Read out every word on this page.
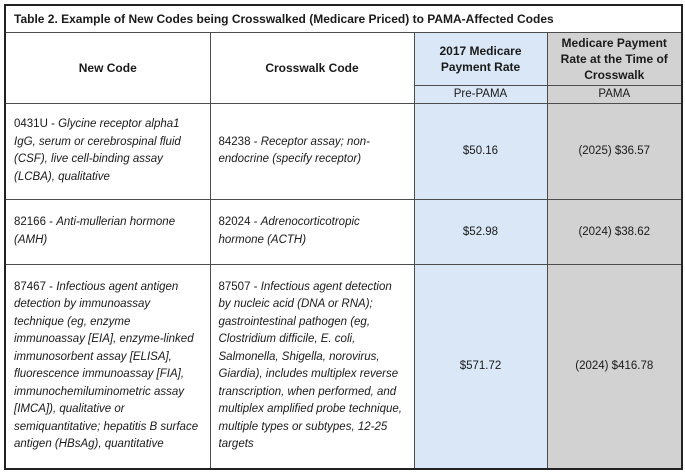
Table 2. Example of New Codes being Crosswalked (Medicare Priced) to PAMA-Affected Codes			
New Code	Crosswalk Code	2017 Medicare Payment Rate	Medicare Payment Rate at the Time of Crosswalk
		Pre-PAMA	PAMA
0431U - Glycine receptor alpha1 IgG, serum or cerebrospinal fluid (CSF), live cell-binding assay (LCBA), qualitative	84238 - Receptor assay; non-endocrine (specify receptor)	$50.16	(2025) $36.57
82166 - Anti-mullerian hormone (AMH)	82024 - Adrenocorticotropic hormone (ACTH)	$52.98	(2024) $38.62
87467 - Infectious agent antigen detection by immunoassay technique (eg, enzyme immunoassay [EIA], enzyme-linked immunosorbent assay [ELISA], fluorescence immunoassay [FIA], immunochemiluminometric assay [IMCA]), qualitative or semiquantitative; hepatitis B surface antigen (HBsAg), quantitative	87507 - Infectious agent detection by nucleic acid (DNA or RNA); gastrointestinal pathogen (eg, Clostridium difficile, E. coli, Salmonella, Shigella, norovirus, Giardia), includes multiplex reverse transcription, when performed, and multiplex amplified probe technique, multiple types or subtypes, 12-25 targets	$571.72	(2024) $416.78
